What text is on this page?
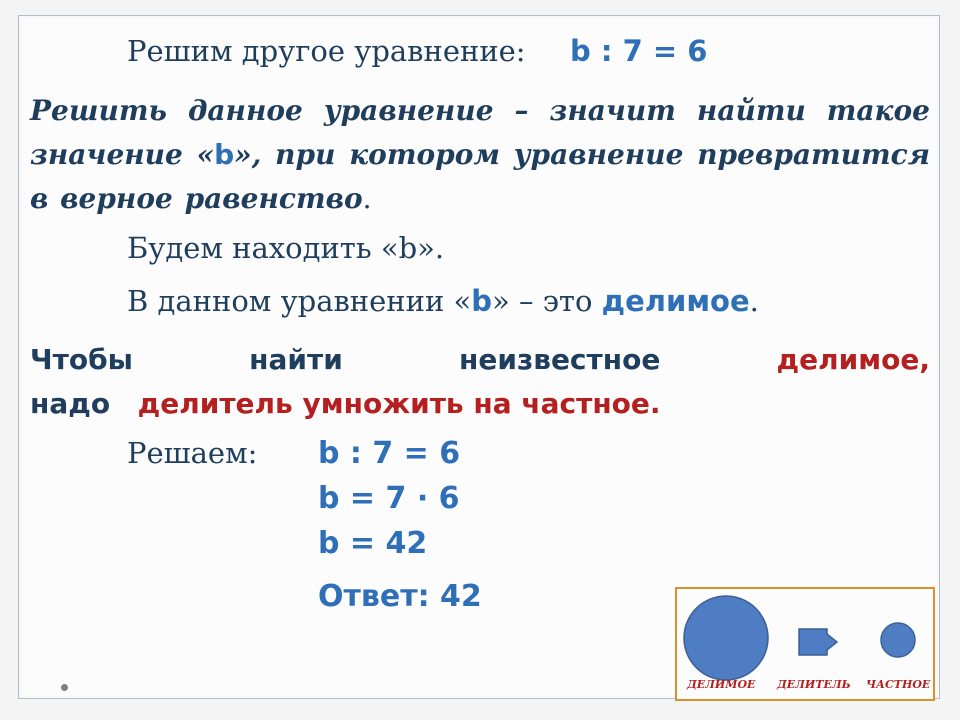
Решим другое уравнение: b : 7 = 6
Решить данное уравнение – значит найти такое значение «b», при котором уравнение превратится в верное равенство.
Будем находить «b».
В данном уравнении «b» – это делимое.
Чтобы	найти	неизвестное	делимое,
надо делитель умножить на частное.
Решаем: b : 7 = 6
b = 7 · 6
b = 42
Ответ: 42
ДЕЛИМОЕ ДЕЛИТЕЛЬ ЧАСТНОЕ
